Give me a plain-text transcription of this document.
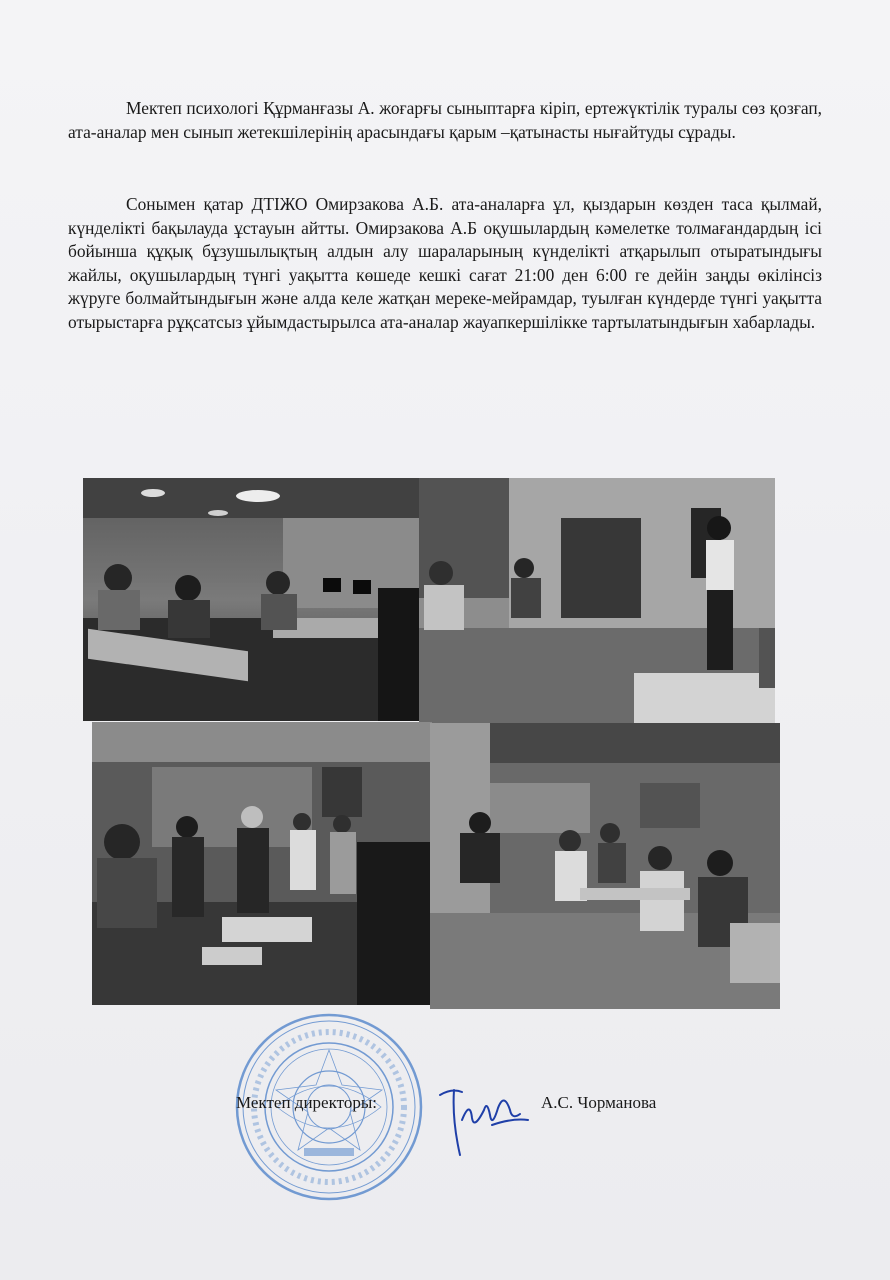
Мектеп психологі Құрманғазы А. жоғарғы сыныптарға кіріп, ертежүктілік туралы сөз қозғап, ата-аналар мен сынып жетекшілерінің арасындағы қарым –қатынасты нығайтуды сұрады.

Сонымен қатар ДТІЖО Омирзакова А.Б. ата-аналарға ұл, қыздарын көзден таса қылмай, күнделікті бақылауда ұстауын айтты. Омирзакова А.Б оқушылардың кәмелетке толмағандардың ісі бойынша құқық бұзушылықтың алдын алу шараларының күнделікті атқарылып отыратындығы жайлы, оқушылардың түнгі уақытта көшеде кешкі сағат 21:00 ден 6:00 ге дейін заңды өкілінсіз жүруге болмайтындығын және алда келе жатқан мереке-мейрамдар, туылған күндерде түнгі уақытта отырыстарға рұқсатсыз ұйымдастырылса ата-аналар жауапкершілікке тартылатындығын хабарлады.

Мектеп директоры:	А.С. Чорманова
